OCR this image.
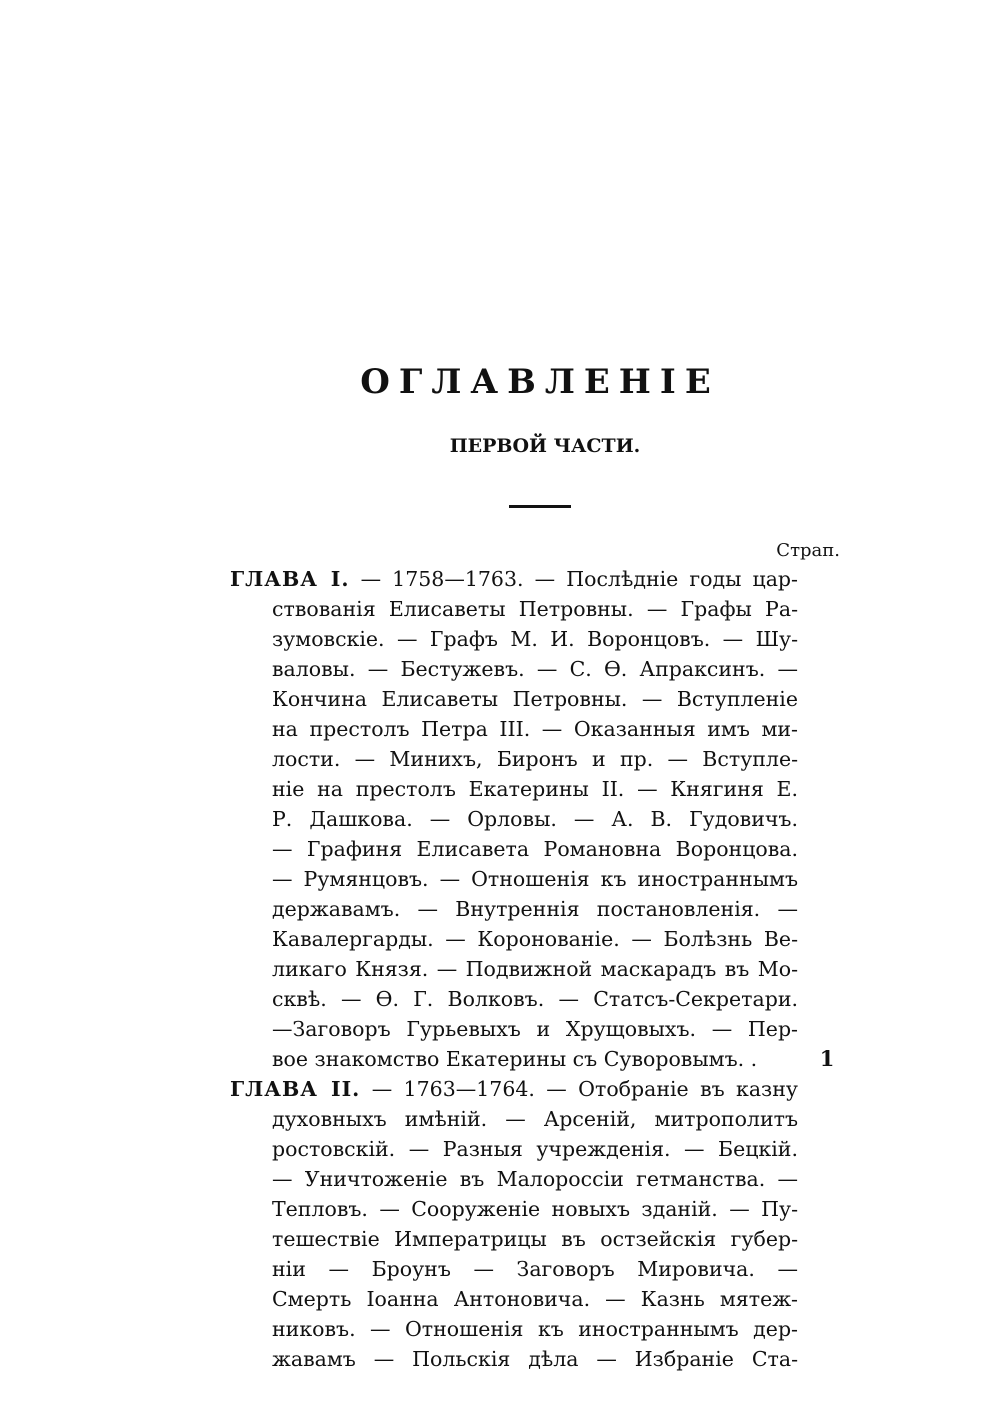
ОГЛАВЛЕНІЕ
ПЕРВОЙ ЧАСТИ.
Страп.
ГЛАВА I. — 1758—1763. — Послѣдніе годы цар-
ствованія Елисаветы Петровны. — Графы Ра-
зумовскіе. — Графъ М. И. Воронцовъ. — Шу-
валовы. — Бестужевъ. — С. Ѳ. Апраксинъ. —
Кончина Елисаветы Петровны. — Вступленіе
на престолъ Петра III. — Оказанныя имъ ми-
лости. — Минихъ, Биронъ и пр. — Вступле-
ніе на престолъ Екатерины II. — Княгиня Е.
Р. Дашкова. — Орловы. — А. В. Гудовичъ.
— Графиня Елисавета Романовна Воронцова.
— Румянцовъ. — Отношенія къ иностраннымъ
державамъ. — Внутреннія постановленія. —
Кавалергарды. — Коронованіе. — Болѣзнь Ве-
ликаго Князя. — Подвижной маскарадъ въ Мо-
сквѣ. — Ѳ. Г. Волковъ. — Статсъ-Секретари.
—Заговоръ Гурьевыхъ и Хрущовыхъ. — Пер-
вое знакомство Екатерины съ Суворовымъ. .	1
ГЛАВА II. — 1763—1764. — Отобраніе въ казну
духовныхъ имѣній. — Арсеній, митрополитъ
ростовскій. — Разныя учрежденія. — Бецкій.
— Уничтоженіе въ Малороссіи гетманства. —
Тепловъ. — Сооруженіе новыхъ зданій. — Пу-
тешествіе Императрицы въ остзейскія губер-
ніи — Броунъ — Заговоръ Мировича. —
Смерть Іоанна Антоновича. — Казнь мятеж-
никовъ. — Отношенія къ иностраннымъ дер-
жавамъ — Польскія дѣла — Избраніе Ста-
